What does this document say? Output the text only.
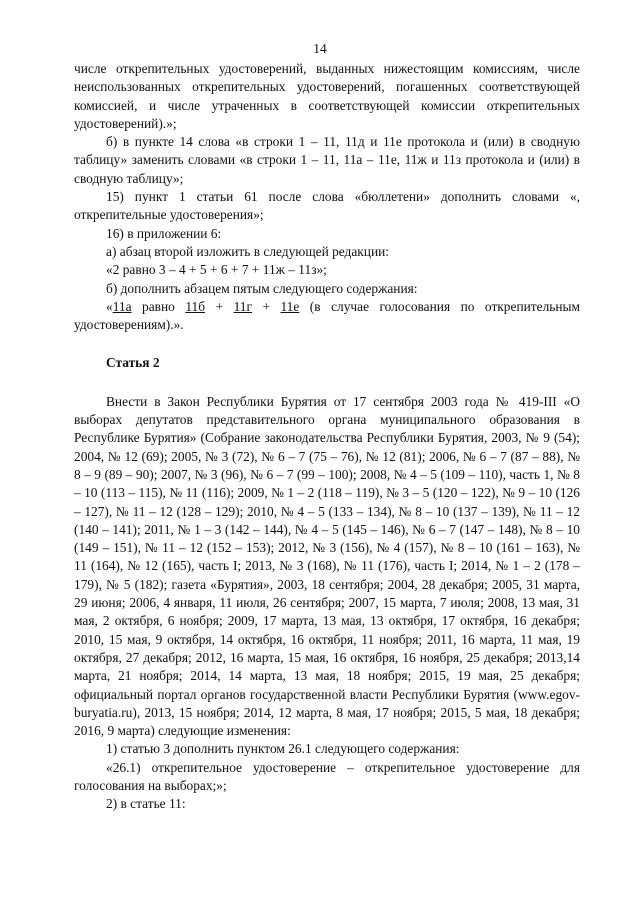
14

числе открепительных удостоверений, выданных нижестоящим комиссиям, числе неиспользованных открепительных удостоверений, погашенных соответствующей комиссией, и числе утраченных в соответствующей комиссии открепительных удостоверений).»;

б) в пункте 14 слова «в строки 1 – 11, 11д и 11е протокола и (или) в сводную таблицу» заменить словами «в строки 1 – 11, 11а – 11е, 11ж и 11з протокола и (или) в сводную таблицу»;

15) пункт 1 статьи 61 после слова «бюллетени» дополнить словами «, открепительные удостоверения»;

16) в приложении 6:

а) абзац второй изложить в следующей редакции:

«2 равно 3 – 4 + 5 + 6 + 7 + 11ж – 11з»;

б) дополнить абзацем пятым следующего содержания:

«11а равно 11б + 11г + 11е (в случае голосования по открепительным удостоверениям).».

Статья 2

Внести в Закон Республики Бурятия от 17 сентября 2003 года № 419-III «О выборах депутатов представительного органа муниципального образования в Республике Бурятия» (Собрание законодательства Республики Бурятия, 2003, № 9 (54); 2004, № 12 (69); 2005, № 3 (72), № 6 – 7 (75 – 76), № 12 (81); 2006, № 6 – 7 (87 – 88), № 8 – 9 (89 – 90); 2007, № 3 (96), № 6 – 7 (99 – 100); 2008, № 4 – 5 (109 – 110), часть 1, № 8 – 10 (113 – 115), № 11 (116); 2009, № 1 – 2 (118 – 119), № 3 – 5 (120 – 122), № 9 – 10 (126 – 127), № 11 – 12 (128 – 129); 2010, № 4 – 5 (133 – 134), № 8 – 10 (137 – 139), № 11 – 12 (140 – 141); 2011, № 1 – 3 (142 – 144), № 4 – 5 (145 – 146), № 6 – 7 (147 – 148), № 8 – 10 (149 – 151), № 11 – 12 (152 – 153); 2012, № 3 (156), № 4 (157), № 8 – 10 (161 – 163), № 11 (164), № 12 (165), часть I; 2013, № 3 (168), № 11 (176), часть I; 2014, № 1 – 2 (178 – 179), № 5 (182); газета «Бурятия», 2003, 18 сентября; 2004, 28 декабря; 2005, 31 марта, 29 июня; 2006, 4 января, 11 июля, 26 сентября; 2007, 15 марта, 7 июля; 2008, 13 мая, 31 мая, 2 октября, 6 ноября; 2009, 17 марта, 13 мая, 13 октября, 17 октября, 16 декабря; 2010, 15 мая, 9 октября, 14 октября, 16 октября, 11 ноября; 2011, 16 марта, 11 мая, 19 октября, 27 декабря; 2012, 16 марта, 15 мая, 16 октября, 16 ноября, 25 декабря; 2013,14 марта, 21 ноября; 2014, 14 марта, 13 мая, 18 ноября; 2015, 19 мая, 25 декабря; официальный портал органов государственной власти Республики Бурятия (www.egov-buryatia.ru), 2013, 15 ноября; 2014, 12 марта, 8 мая, 17 ноября; 2015, 5 мая, 18 декабря; 2016, 9 марта) следующие изменения:

1) статью 3 дополнить пунктом 26.1 следующего содержания:

«26.1) открепительное удостоверение – открепительное удостоверение для голосования на выборах;»;

2) в статье 11:
